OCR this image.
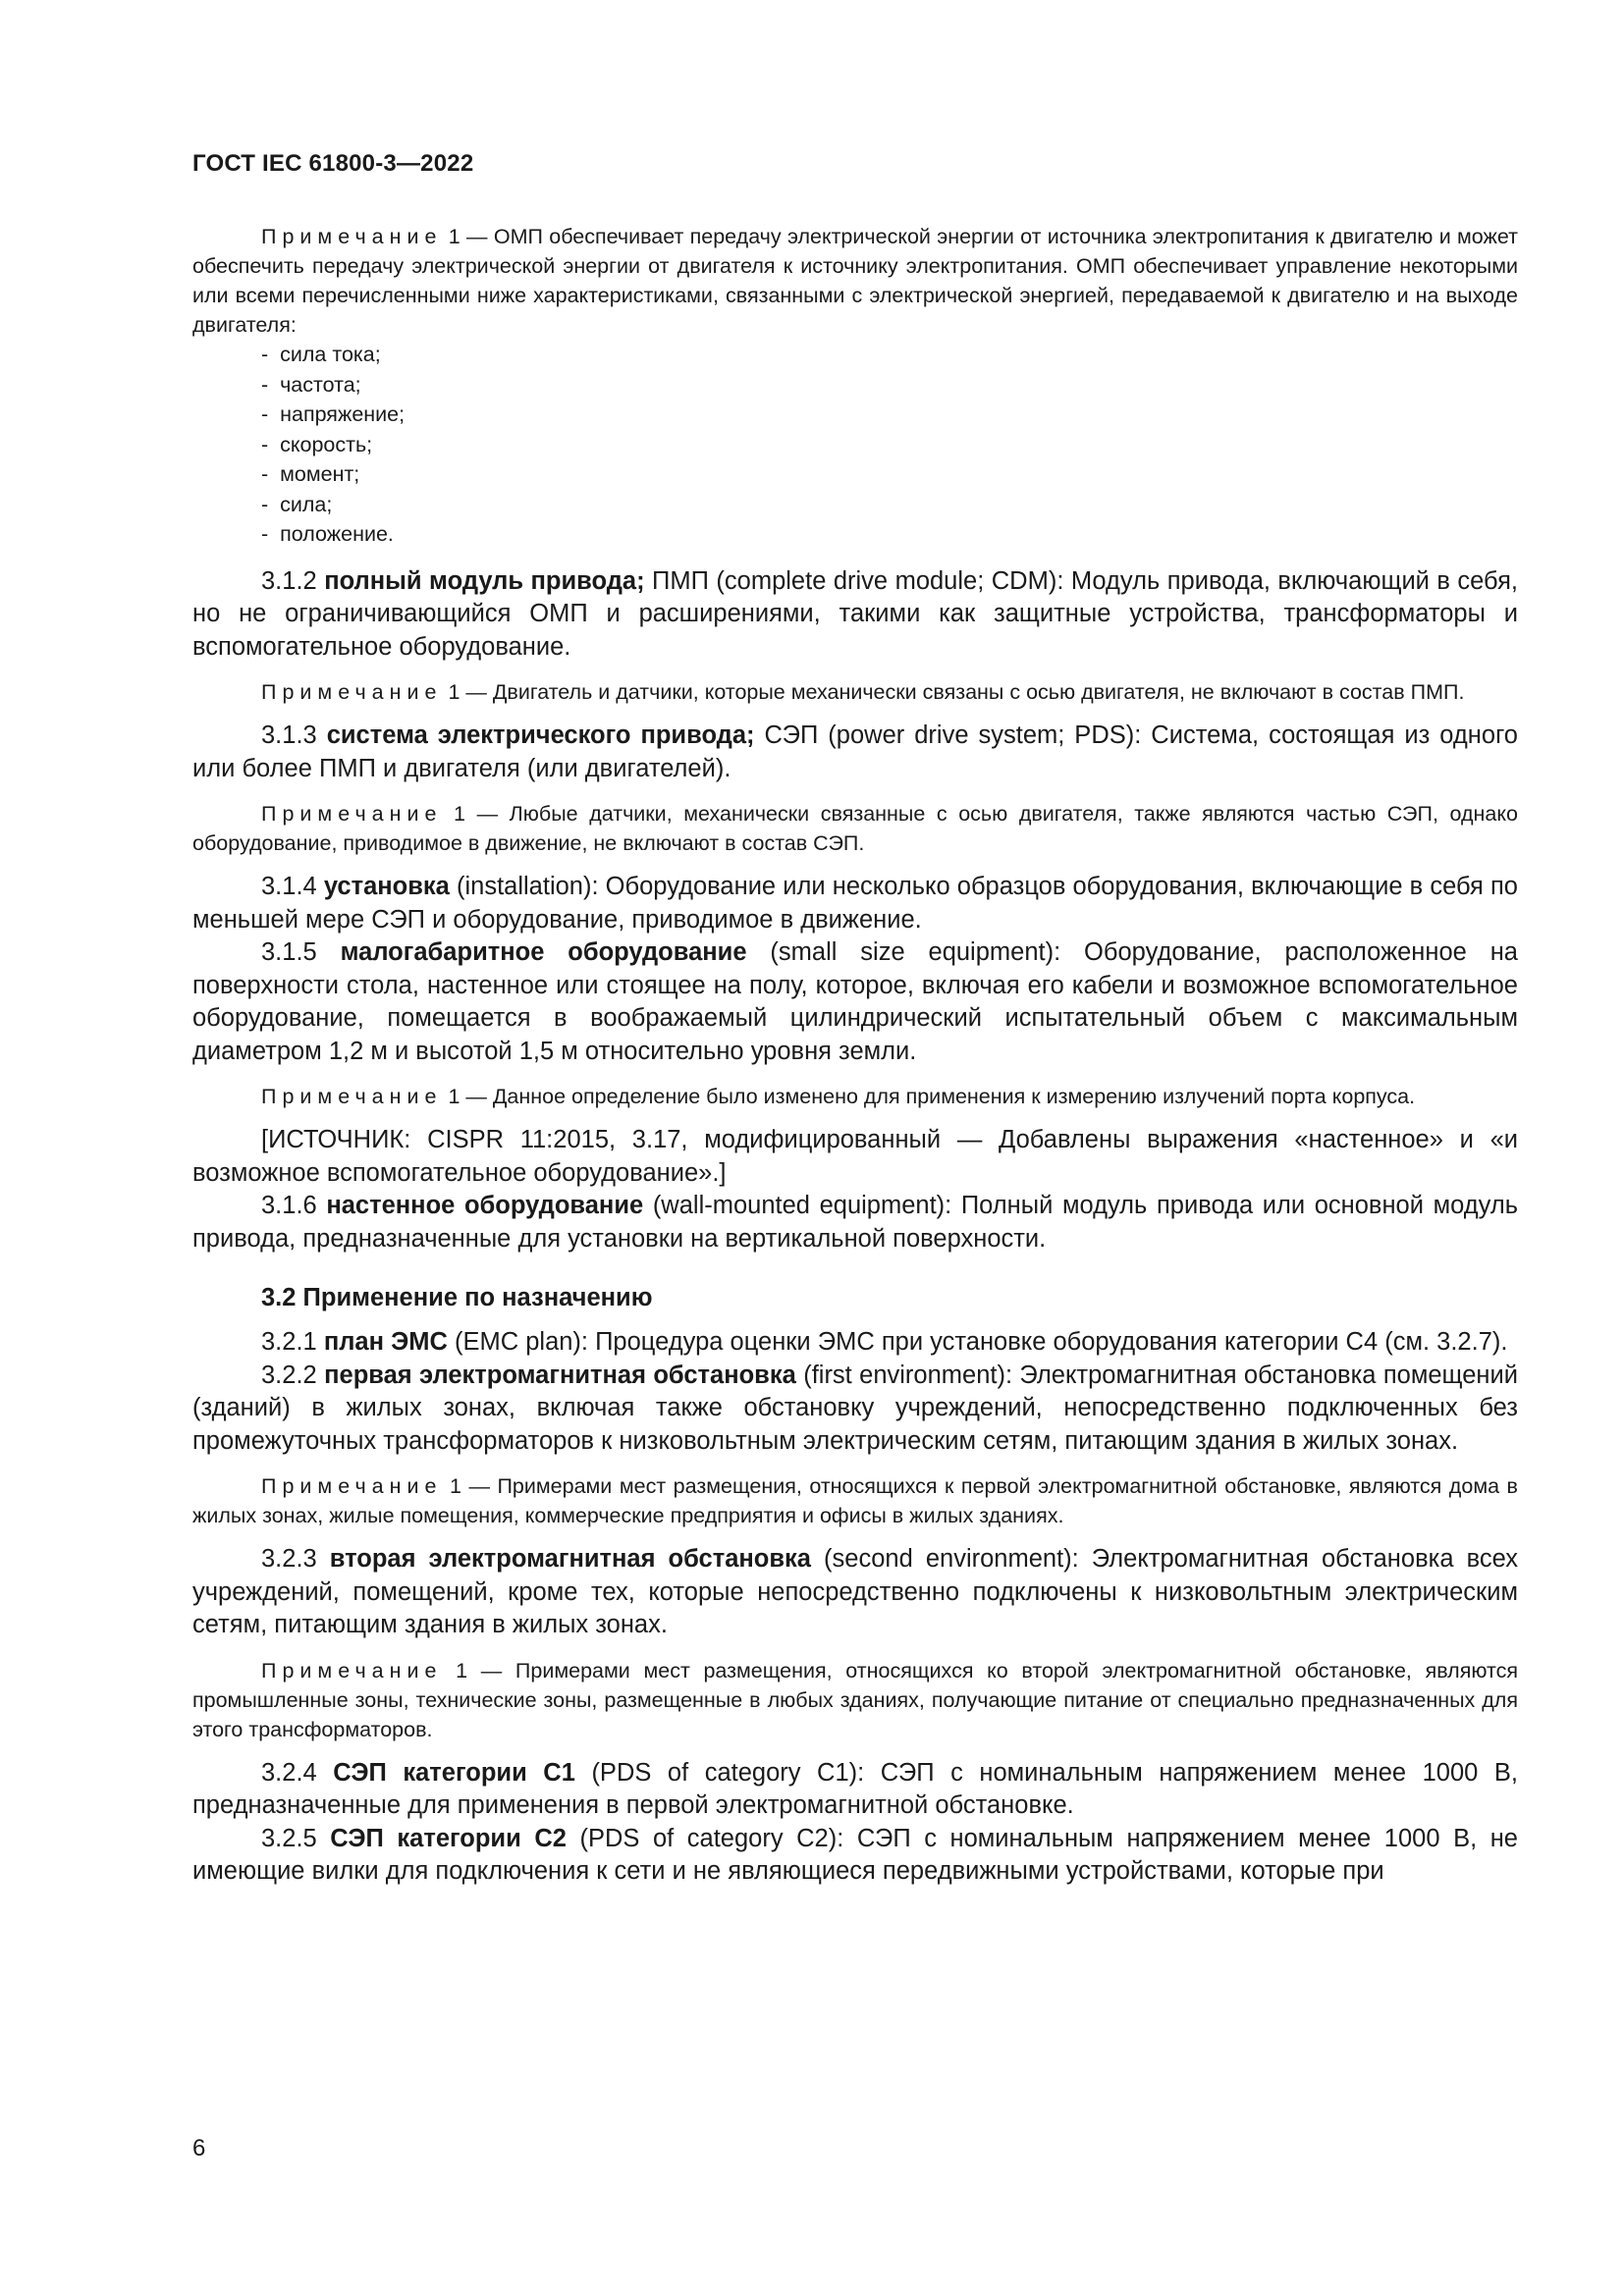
ГОСТ IEC 61800-3—2022

Примечание 1 — ОМП обеспечивает передачу электрической энергии от источника электропитания к двигателю и может обеспечить передачу электрической энергии от двигателя к источнику электропитания. ОМП обеспечивает управление некоторыми или всеми перечисленными ниже характеристиками, связанными с электрической энергией, передаваемой к двигателю и на выходе двигателя:

-  сила тока;
-  частота;
-  напряжение;
-  скорость;
-  момент;
-  сила;
-  положение.

3.1.2 полный модуль привода; ПМП (complete drive module; CDM): Модуль привода, включающий в себя, но не ограничивающийся ОМП и расширениями, такими как защитные устройства, трансформаторы и вспомогательное оборудование.

Примечание 1 — Двигатель и датчики, которые механически связаны с осью двигателя, не включают в состав ПМП.

3.1.3 система электрического привода; СЭП (power drive system; PDS): Система, состоящая из одного или более ПМП и двигателя (или двигателей).

Примечание 1 — Любые датчики, механически связанные с осью двигателя, также являются частью СЭП, однако оборудование, приводимое в движение, не включают в состав СЭП.

3.1.4 установка (installation): Оборудование или несколько образцов оборудования, включающие в себя по меньшей мере СЭП и оборудование, приводимое в движение.

3.1.5 малогабаритное оборудование (small size equipment): Оборудование, расположенное на поверхности стола, настенное или стоящее на полу, которое, включая его кабели и возможное вспомогательное оборудование, помещается в воображаемый цилиндрический испытательный объем с максимальным диаметром 1,2 м и высотой 1,5 м относительно уровня земли.

Примечание 1 — Данное определение было изменено для применения к измерению излучений порта корпуса.

[ИСТОЧНИК: CISPR 11:2015, 3.17, модифицированный — Добавлены выражения «настенное» и «и возможное вспомогательное оборудование».]

3.1.6 настенное оборудование (wall-mounted equipment): Полный модуль привода или основной модуль привода, предназначенные для установки на вертикальной поверхности.

3.2 Применение по назначению

3.2.1 план ЭМС (EMC plan): Процедура оценки ЭМС при установке оборудования категории С4 (см. 3.2.7).

3.2.2 первая электромагнитная обстановка (first environment): Электромагнитная обстановка помещений (зданий) в жилых зонах, включая также обстановку учреждений, непосредственно подключенных без промежуточных трансформаторов к низковольтным электрическим сетям, питающим здания в жилых зонах.

Примечание 1 — Примерами мест размещения, относящихся к первой электромагнитной обстановке, являются дома в жилых зонах, жилые помещения, коммерческие предприятия и офисы в жилых зданиях.

3.2.3 вторая электромагнитная обстановка (second environment): Электромагнитная обстановка всех учреждений, помещений, кроме тех, которые непосредственно подключены к низковольтным электрическим сетям, питающим здания в жилых зонах.

Примечание 1 — Примерами мест размещения, относящихся ко второй электромагнитной обстановке, являются промышленные зоны, технические зоны, размещенные в любых зданиях, получающие питание от специально предназначенных для этого трансформаторов.

3.2.4 СЭП категории С1 (PDS of category C1): СЭП с номинальным напряжением менее 1000 В, предназначенные для применения в первой электромагнитной обстановке.

3.2.5 СЭП категории С2 (PDS of category C2): СЭП с номинальным напряжением менее 1000 В, не имеющие вилки для подключения к сети и не являющиеся передвижными устройствами, которые при

6
